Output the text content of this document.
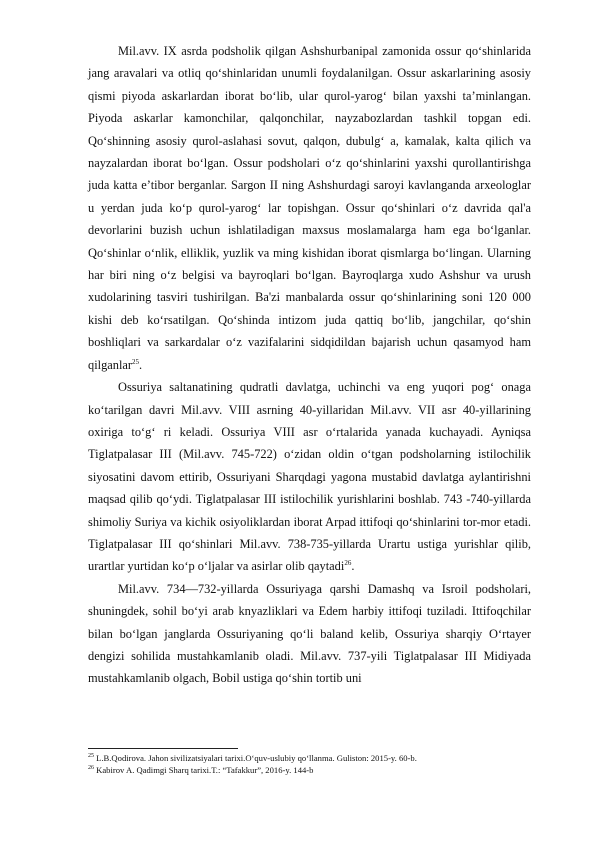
Mil.avv. IX asrda podsholik qilgan Ashshurbanipal zamonida ossur qo‘shinlarida jang aravalari va otliq qo‘shinlaridan unumli foydalanilgan. Ossur askarlarining asosiy qismi piyoda askarlardan iborat bo‘lib, ular qurol-yarog‘ bilan yaxshi ta’minlangan. Piyoda askarlar kamonchilar, qalqonchilar, nayzabozlardan tashkil topgan edi. Qo‘shinning asosiy qurol-aslahasi sovut, qalqon, dubulg‘ a, kamalak, kalta qilich va nayzalardan iborat bo‘lgan. Ossur podsholari o‘z qo‘shinlarini yaxshi qurollantirishga juda katta e’tibor berganlar. Sargon II ning Ashshurdagi saroyi kavlanganda arxeologlar u yerdan juda ko‘p qurol-yarog‘ lar topishgan. Ossur qo‘shinlari o‘z davrida qal'a devorlarini buzish uchun ishlatiladigan maxsus moslamalarga ham ega bo‘lganlar. Qo‘shinlar o‘nlik, elliklik, yuzlik va ming kishidan iborat qismlarga bo‘lingan. Ularning har biri ning o‘z belgisi va bayroqlari bo‘lgan. Bayroqlarga xudo Ashshur va urush xudolarining tasviri tushirilgan. Ba'zi manbalarda ossur qo‘shinlarining soni 120 000 kishi deb ko‘rsatilgan. Qo‘shinda intizom juda qattiq bo‘lib, jangchilar, qo‘shin boshliqlari va sarkardalar o‘z vazifalarini sidqidildan bajarish uchun qasamyod ham qilganlar$^{25}$.

Ossuriya saltanatining qudratli davlatga, uchinchi va eng yuqori pog‘ onaga ko‘tarilgan davri Mil.avv. VIII asrning 40-yillaridan Mil.avv. VII asr 40-yillarining oxiriga to‘g‘ ri keladi. Ossuriya VIII asr o‘rtalarida yanada kuchayadi. Ayniqsa Tiglatpalasar III (Mil.avv. 745-722) o‘zidan oldin o‘tgan podsholarning istilochilik siyosatini davom ettirib, Ossuriyani Sharqdagi yagona mustabid davlatga aylantirishni maqsad qilib qo‘ydi. Tiglatpalasar III istilochilik yurishlarini boshlab. 743 -740-yillarda shimoliy Suriya va kichik osiyoliklardan iborat Arpad ittifoqi qo‘shinlarini tor-mor etadi. Tiglatpalasar III qo‘shinlari Mil.avv. 738-735-yillarda Urartu ustiga yurishlar qilib, urartlar yurtidan ko‘p o‘ljalar va asirlar olib qaytadi$^{26}$.

Mil.avv. 734—732-yillarda Ossuriyaga qarshi Damashq va Isroil podsholari, shuningdek, sohil bo‘yi arab knyazliklari va Edem harbiy ittifoqi tuziladi. Ittifoqchilar bilan bo‘lgan janglarda Ossuriyaning qo‘li baland kelib, Ossuriya sharqiy O‘rtayer dengizi sohilida mustahkamlanib oladi. Mil.avv. 737-yili Tiglatpalasar III Midiyada mustahkamlanib olgach, Bobil ustiga qo‘shin tortib uni

$^{25}$ L.B.Qodirova. Jahon sivilizatsiyalari tarixi.O‘quv-uslubiy qo‘llanma. Guliston: 2015-y. 60-b.

$^{26}$ Kabirov A. Qadimgi Sharq tarixi.T.: “Tafakkur”, 2016-y. 144-b
